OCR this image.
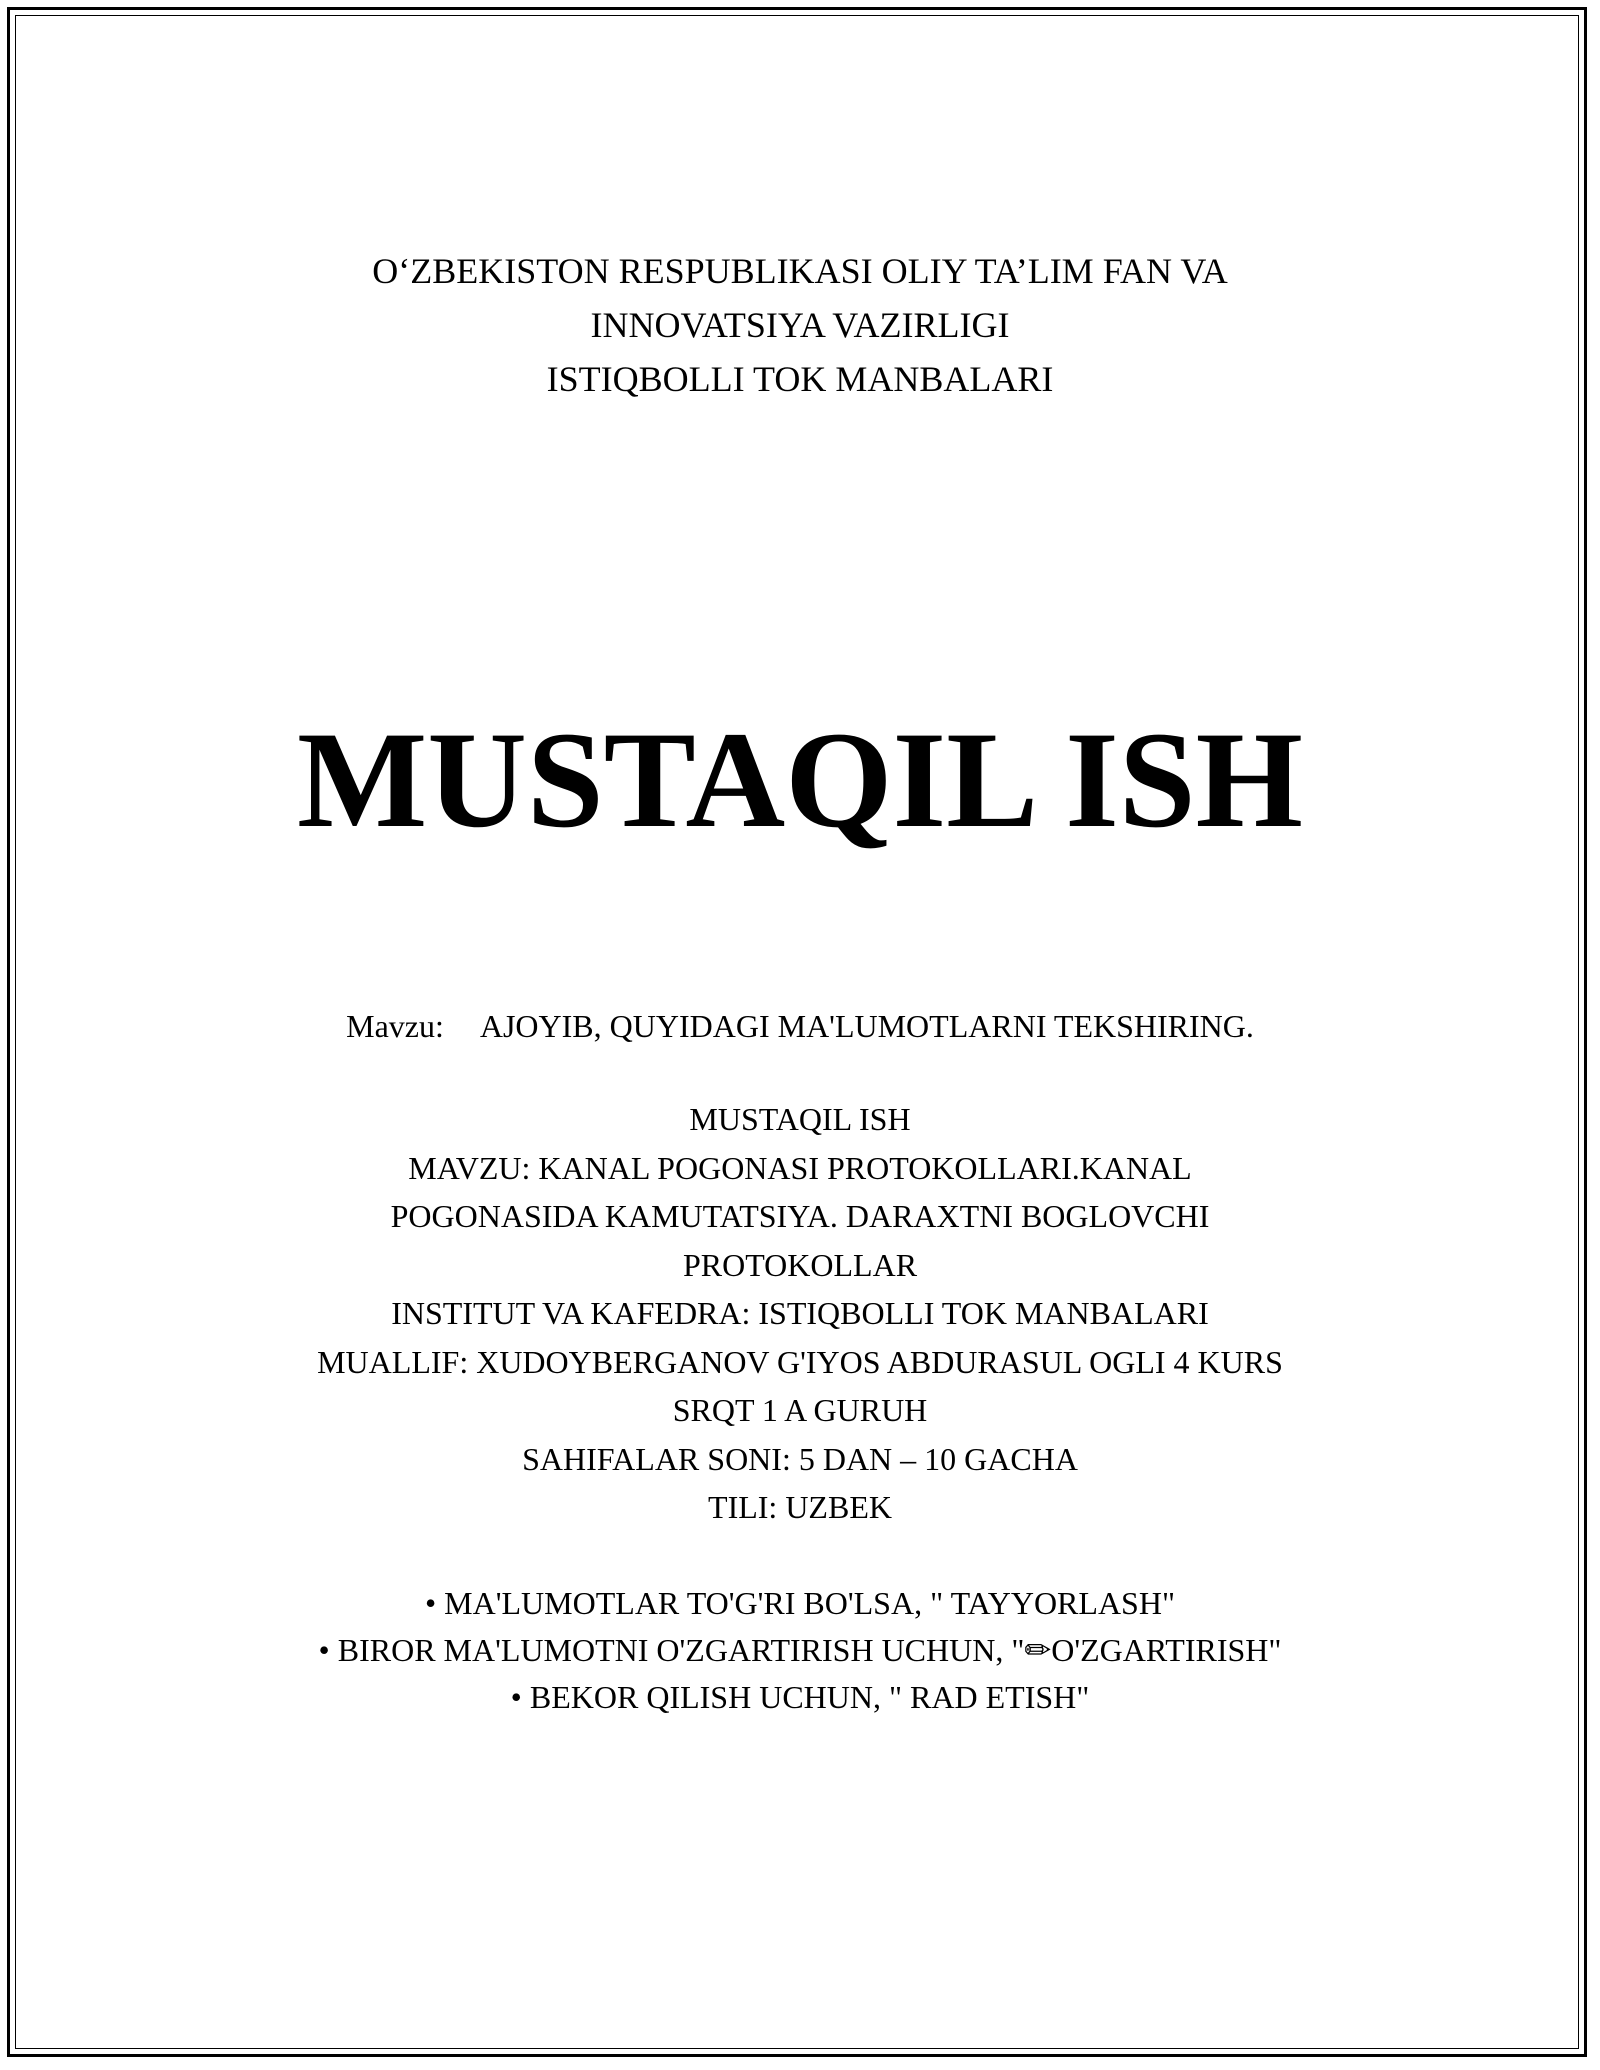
O‘ZBEKISTON RESPUBLIKASI OLIY TA’LIM FAN VA
INNOVATSIYA VAZIRLIGI
ISTIQBOLLI TOK MANBALARI
MUSTAQIL ISH
Mavzu: AJOYIB, QUYIDAGI MA'LUMOTLARNI TEKSHIRING.
MUSTAQIL ISH
MAVZU: KANAL POGONASI PROTOKOLLARI.KANAL
POGONASIDA KAMUTATSIYA. DARAXTNI BOGLOVCHI
PROTOKOLLAR
INSTITUT VA KAFEDRA: ISTIQBOLLI TOK MANBALARI
MUALLIF: XUDOYBERGANOV G'IYOS ABDURASUL OGLI 4 KURS
SRQT 1 A GURUH
SAHIFALAR SONI: 5 DAN – 10 GACHA
TILI: UZBEK
• MA'LUMOTLAR TO'G'RI BO'LSA, " TAYYORLASH"
• BIROR MA'LUMOTNI O'ZGARTIRISH UCHUN, "✏O'ZGARTIRISH"
• BEKOR QILISH UCHUN, " RAD ETISH"
